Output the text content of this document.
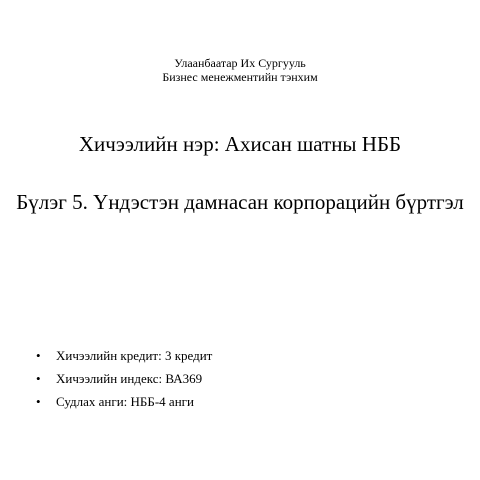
Улаанбаатар Их Сургууль

Бизнес менежментийн тэнхим

Хичээлийн нэр: Ахисан шатны НББ
Бүлэг 5. Үндэстэн дамнасан корпорацийн бүртгэл
•	Хичээлийн кредит: 3 кредит
•	Хичээлийн индекс: ВА369
•	Судлах анги: НББ-4 анги
